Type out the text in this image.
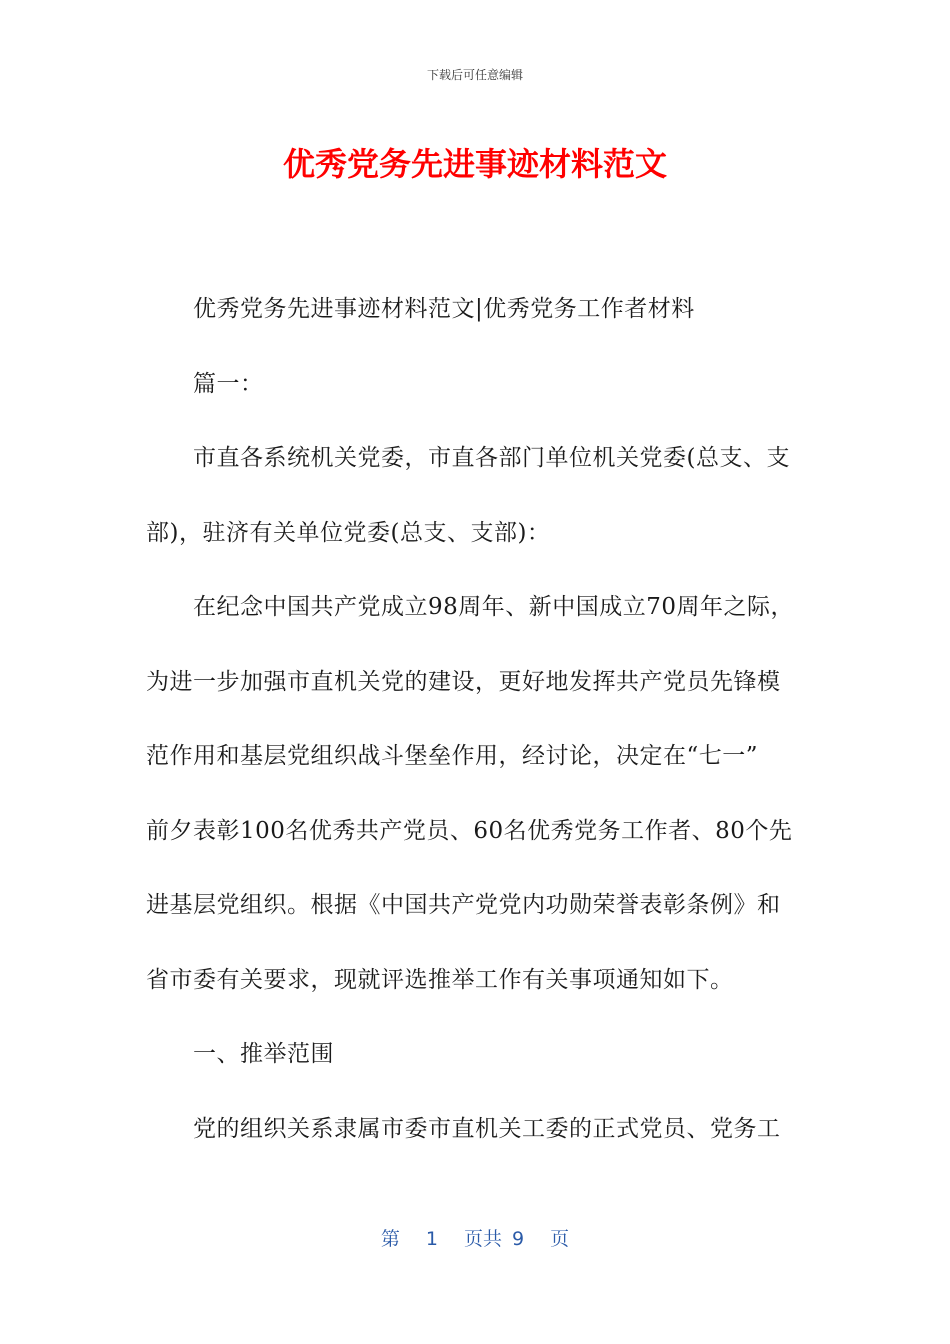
下载后可任意编辑
优秀党务先进事迹材料范文
优秀党务先进事迹材料范文|优秀党务工作者材料
篇一：
市直各系统机关党委，市直各部门单位机关党委(总支、支
部)，驻济有关单位党委(总支、支部)：
在纪念中国共产党成立98周年、新中国成立70周年之际，
为进一步加强市直机关党的建设，更好地发挥共产党员先锋模
范作用和基层党组织战斗堡垒作用，经讨论，决定在“七一”
前夕表彰100名优秀共产党员、60名优秀党务工作者、80个先
进基层党组织。根据《中国共产党党内功勋荣誉表彰条例》和
省市委有关要求，现就评选推举工作有关事项通知如下。
一、推举范围
党的组织关系隶属市委市直机关工委的正式党员、党务工
第 1 页共 9 页
